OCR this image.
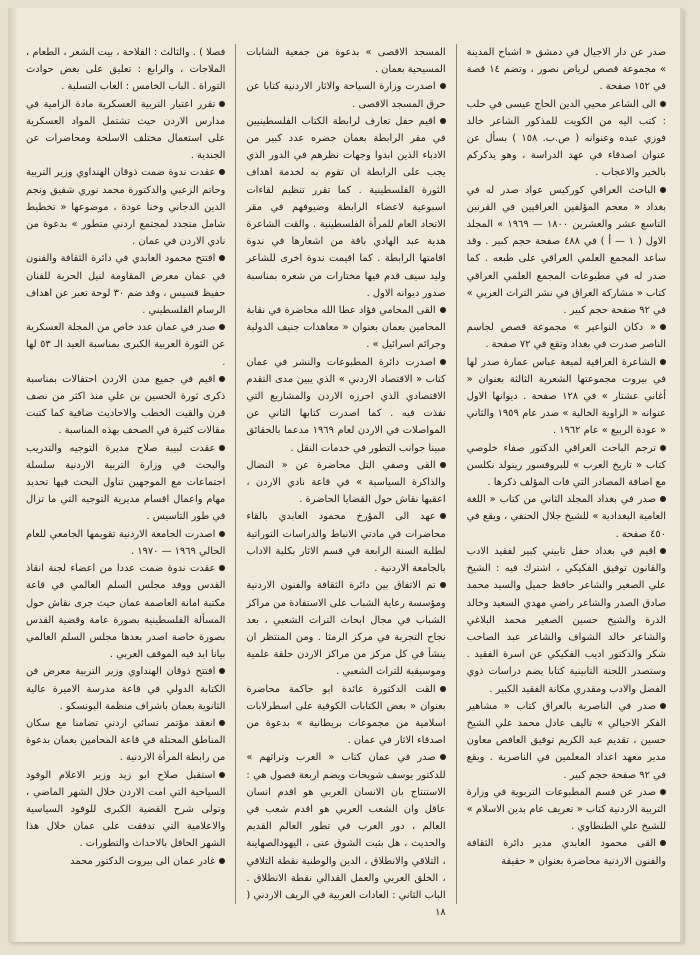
صدر عن دار الاجيال في دمشق « اشباح المدينة » مجموعة قصص لرياض نصور ، وتضم ١٤ قصة في ١٥٢ صفحة .

الى الشاعر محيي الدين الحاج عيسى في حلب : كتب اليه من الكويت للمذكور الشاعر خالد فوزي عبده وعنوانه ( ص.ب. ١٥٨ ) بسأل عن عنوان اصدقاء في عهد الدراسة ، وهو يذكركم بالخير والاعجاب .

الباحث العراقي كوركيس عواد صدر له في بغداد « معجم المؤلفين العراقيين في القرنين التاسع عشر والعشرين ١٨٠٠ — ١٩٦٩ » المجلد الاول ( ١ — أ ) في ٤٨٨ صفحة حجم كبير . وقد ساعد المجمع العلمي العراقي على طبعه . كما صدر له في مطبوعات المجمع العلمي العراقي كتاب « مشاركة العراق في نشر التراث العربي » في ٩٢ صفحة حجم كبير .

« دكان النواعير » مجموعة قصص لجاسم الناصر صدرت في بغداد وتقع في ٧٢ صفحة .

الشاعرة العراقية لميعة عباس عمارة صدر لها في بيروت مجموعتها الشعرية الثالثة بعنوان « أغاني عشتار » في ١٢٨ صفحة . ديوانها الاول عنوانه « الزاوية الخالية » صدر عام ١٩٥٩ والثاني « عودة الربيع » عام ١٩٦٢ .

ترجم الباحث العراقي الدكتور صفاء خلوصي كتاب « تاريخ العرب » للبروفسور رينولد نكلسن مع اضافة المصادر التي فات المؤلف ذكرها .

صدر في بغداد المجلد الثاني من كتاب « اللغة العامية البغدادية » للشيخ جلال الحنفي ، ويقع في ٤٥٠ صفحة .

اقيم في بغداد حفل تابيني كبير لفقيد الادب والقانون توفيق الفكيكي ، اشترك فيه : الشيخ علي الصغير والشاعر حافظ جميل والسيد محمد صادق الصدر والشاعر راضي مهدي السعيد وخالد الدرة والشيخ حسين الصغير محمد البلاغي والشاعر خالد الشواف والشاعر عبد الصاحب شكر والدكتور اديب الفكيكي عن اسرة الفقيد . وستصدر اللجنة التابينية كتابا يضم دراسات ذوي الفضل والادب ومقدري مكانة الفقيد الكبير .

صدر في الناصرية بالعراق كتاب « مشاهير الفكر الاجيالي » تاليف عادل محمد علي الشيخ حسين ، تقديم عبد الكريم توفيق العافص معاون مدير معهد اعداد المعلمين في الناصرية . ويقع في ٩٢ صفحة حجم كبير .

صدر عن قسم المطبوعات التربوية في وزارة التربية الاردنية كتاب « تعريف عام بدين الاسلام » للشيخ علي الطنطاوي .

القى محمود العابدي مدير دائرة الثقافة والفنون الاردنية محاضرة بعنوان « حقيقة

المسجد الاقصى » بدعوة من جمعية الشابات المسيحية بعمان .

اصدرت وزارة السياحة والاثار الاردنية كتابا عن حرق المسجد الاقصى .

اقيم حفل تعارف لرابطة الكتاب الفلسطينيين في مقر الرابطة بعمان حضره عدد كبير من الادباء الذين ابدوا وجهات نظرهم في الدور الذي يجب على الرابطة ان تقوم به لخدمة اهداف الثورة الفلسطينية . كما تقرر تنظيم لقاءات اسبوعية لاعضاء الرابطة وضيوفهم في مقر الاتحاد العام للمرأة الفلسطينية . والقت الشاعرة هدية عبد الهادي باقة من اشعارها في ندوة اقامتها الرابطة . كما اقيمت ندوة اخرى للشاعر وليد سيف قدم فيها مختارات من شعره بمناسبة صدور ديوانه الاول .

القى المحامي فؤاد عطا الله محاضرة في نقابة المحامين بعمان بعنوان « معاهدات جنيف الدولية وجرائم اسرائيل » .

اصدرت دائرة المطبوعات والنشر في عمان كتاب « الاقتصاد الاردني » الذي يبين مدى التقدم الاقتصادي الذي احرزه الاردن والمشاريع التي نفذت فيه . كما اصدرت كتابها الثاني عن المواصلات في الاردن لعام ١٩٦٩ مدعما بالحقائق مبينا جوانب التطور في خدمات النقل .

القى وصفي التل محاضرة عن « النضال والذاكرة السياسية » في قاعة نادي الاردن ، اعقبها نقاش حول القضايا الحاضرة .

عهد الى المؤرخ محمود العابدي بالقاء محاضرات في مادتي الانباط والدراسات التوراتية لطلبة السنة الرابعة في قسم الاثار بكلية الاداب بالجامعة الاردنية .

تم الاتفاق بين دائرة الثقافة والفنون الاردنية ومؤسسة رعاية الشباب على الاستفادة من مراكز الشباب في مجال ابحاث التراث الشعبي ، بعد نجاح التجربة في مركز الرمثا . ومن المنتظر ان ينشأ في كل مركز من مراكز الاردن حلقة علمية وموسيقية للتراث الشعبي .

القت الدكتورة عائدة ابو حاكمة محاضرة بعنوان « بعض الكتابات الكوفية على اسطرلابات اسلامية من مجموعات بريطانية » بدعوة من اصدقاء الاثار في عمان .

صدر في عمان كتاب « العرب وتراثهم » للدكتور يوسف شويحات ويضم اربعة فصول هي : الاستنتاج بان الانسان العربي هو اقدم انسان عاقل وان الشعب العربي هو اقدم شعب في العالم ، دور العرب في تطور العالم القديم والحديث ، هل بثبت الشوق عنى ، اليهودالصهاينة ، التلاقي والانطلاق ، الدين والوطنية نقطة التلاقي ، الخلق العربي والعمل القدالي نقطة الانطلاق . الباب الثاني : العادات العربية في الريف الاردني ( ١٨

فصلا ) . والثالث : الفلاحة ، بيت الشعر ، الطعام ، الملاجات ، والرابع : تعليق على بعض حوادث التوراة . الباب الخامس : العاب التسلية .

تقرر اعتبار التربية العسكرية مادة الزامية في مدارس الاردن حيث تشتمل المواد العسكرية على استعمال مختلف الاسلحة ومحاضرات عن الجندية .

عقدت ندوة ضمت ذوقان الهنداوي وزير التربية وحاتم الزعبي والدكتورة محمد نوري شفيق ونجم الدين الدجاني وخنا عودة ، موضوعها « تخطيط شامل متجدد لمجتمع اردني متطور » بدعوة من نادي الاردن في عمان .

افتتح محمود العابدي في دائرة الثقافة والفنون في عمان معرض المقاومة لنيل الحرية للفنان حفيظ قسيس ، وقد ضم ٣٠ لوحة تعبر عن اهداف الرسام الفلسطيني .

صدر في عمان عدد خاص من المجلة العسكرية عن الثورة العربية الكبرى بمناسبة العيد الـ ٥٣ لها .

اقيم في جميع مدن الاردن احتفالات بمناسبة ذكرى ثورة الحسين بن علي منذ اكثر من نصف قرن والقيت الخطب والاحاديث ضافية كما كتبت مقالات كثيرة في الصحف بهذه المناسبة .

عقدت لبيبة صلاح مديرة التوجيه والتدريب والبحث في وزارة التربية الاردنية سلسلة اجتماعات مع الموجهين تناول البحث فيها تحديد مهام واعمال اقسام مديرية التوجيه التي ما تزال في طور التاسيس .

اصدرت الجامعة الاردنية تقويمها الجامعي للعام الحالي ١٩٦٩ — ١٩٧٠ .

عقدت ندوة ضمت عددا من اعضاء لجنة انقاذ القدس ووفد مجلس السلم العالمي في قاعة مكتبة امانة العاصمة عمان حيث جرى نقاش حول المسألة الفلسطينية بصورة عامة وقضية القدس بصورة خاصة اصدر بعدها مجلس السلم العالمي بيانا ايد فيه الموقف العربي .

افتتح ذوقان الهنداوي وزير التربية معرض فن الكتابة الدولي في قاعة مدرسة الاميرة عالية الثانوية بعمان باشراف منظمة اليونسكو .

انعقد مؤتمر نسائي اردني تضامنا مع سكان المناطق المحتلة في قاعة المحامين بعمان بدعوة من رابطة المرأة الاردنية .

استقبل صلاح ابو زيد وزير الاعلام الوفود السياحية التي امت الاردن خلال الشهر الماضي ، وتولى شرح القضية الكبرى للوفود السياسية والاعلامية التي تدفقت على عمان خلال هذا الشهر الحافل بالاحداث والتطورات .

غادر عمان الى بيروت الدكتور محمد
